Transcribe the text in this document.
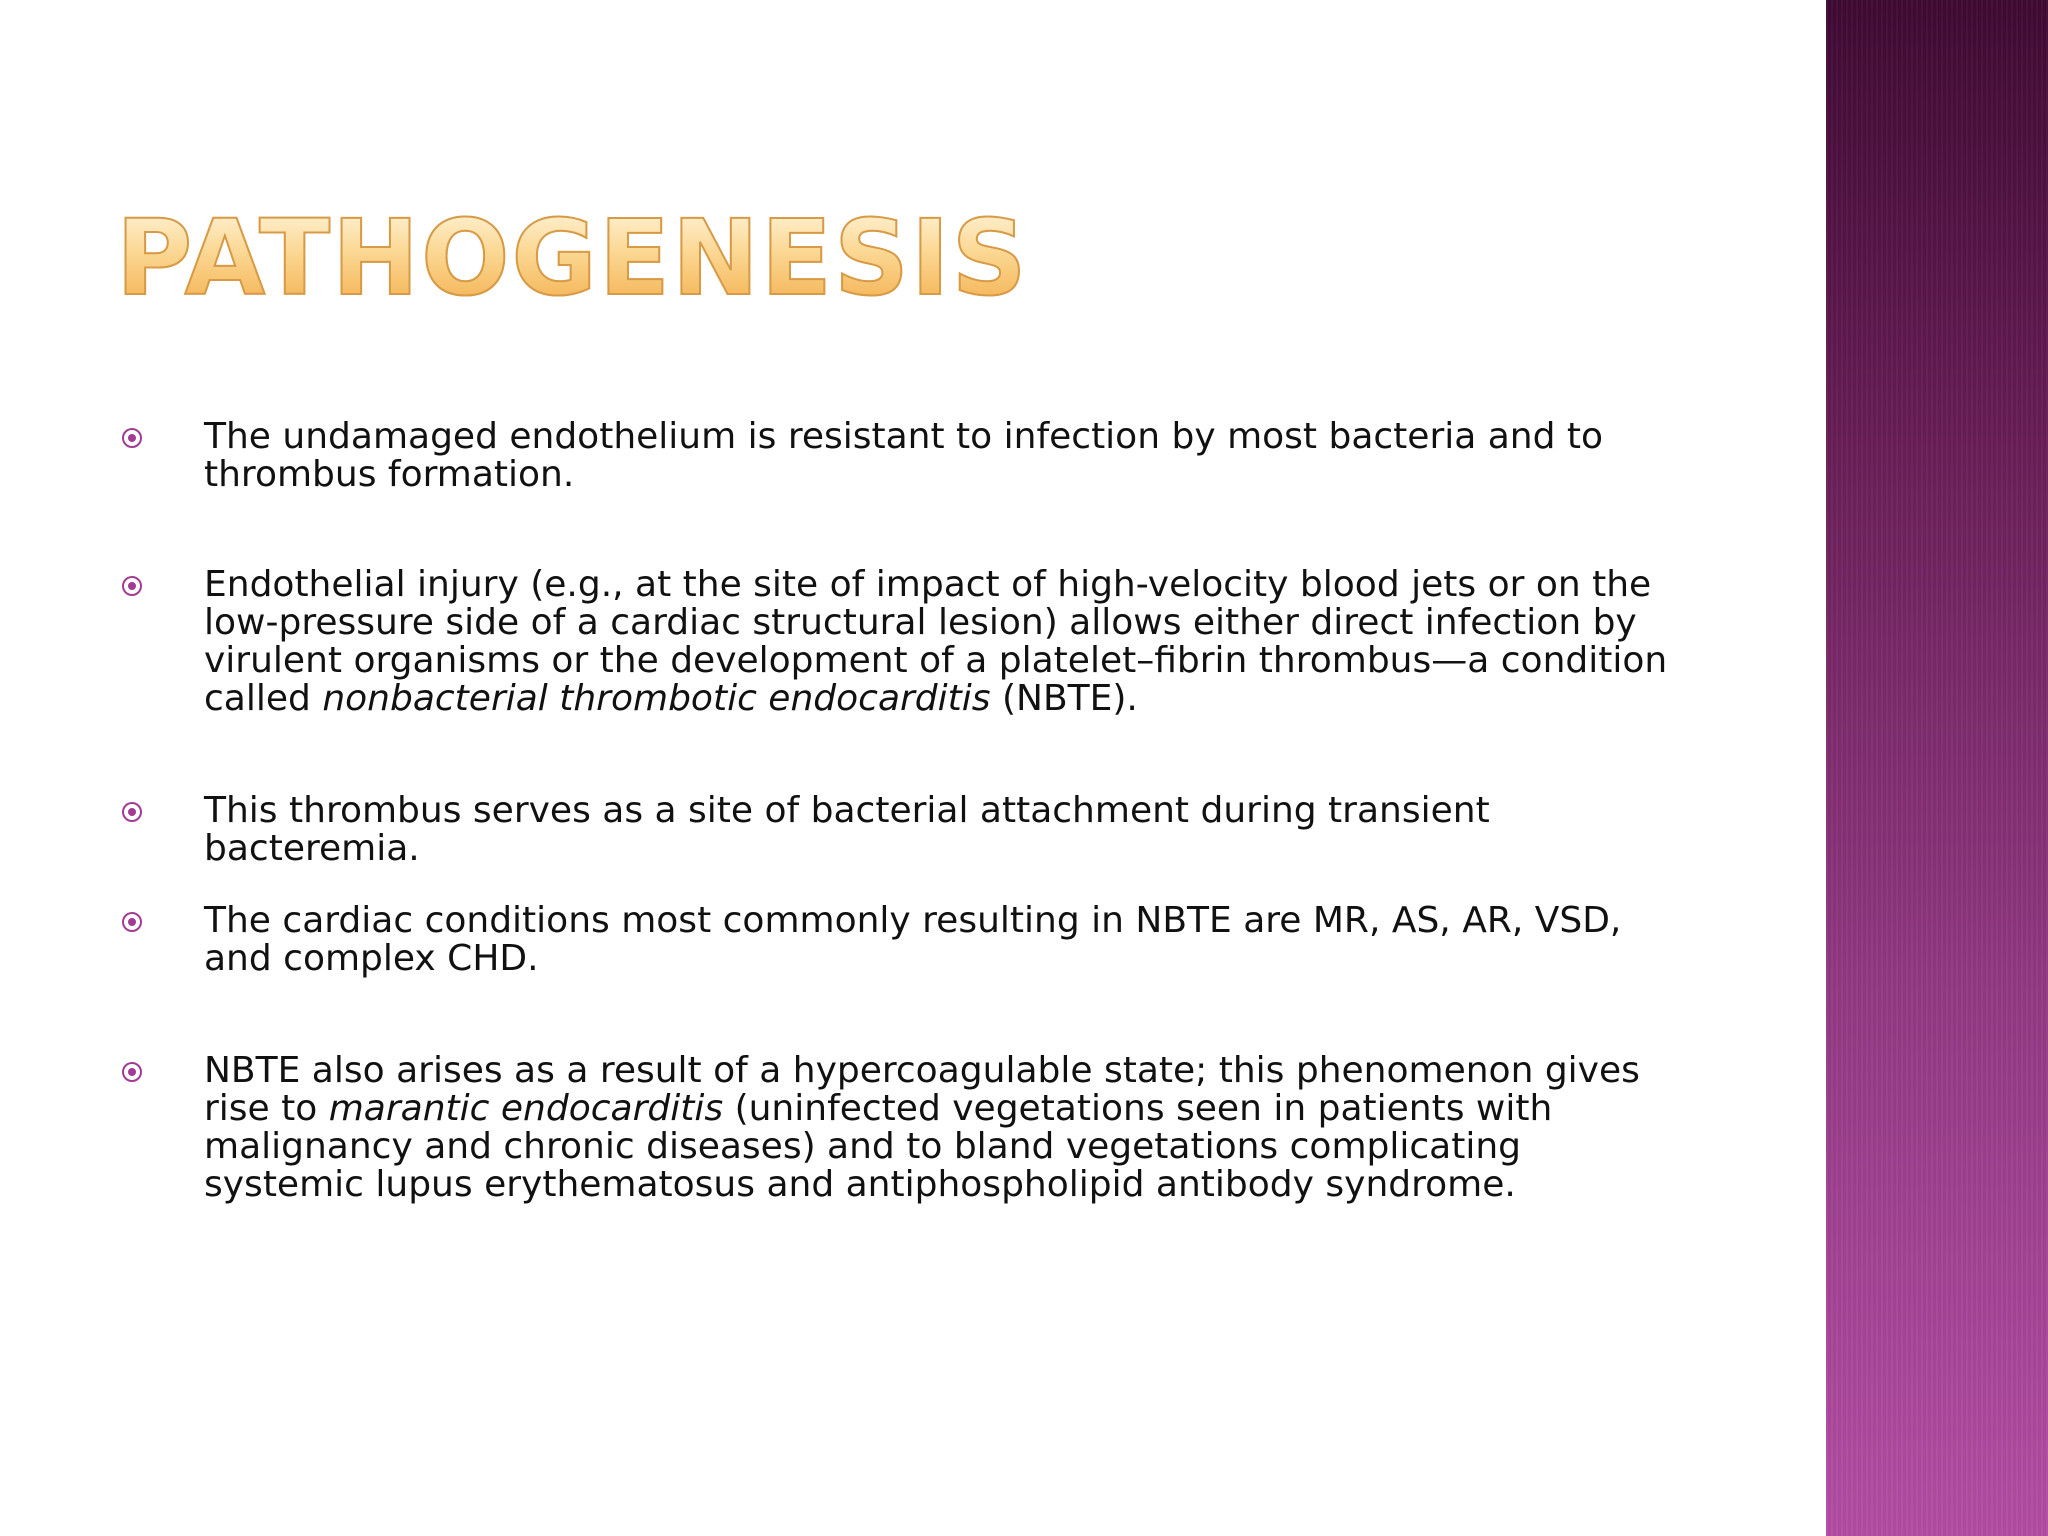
PATHOGENESIS
The undamaged endothelium is resistant to infection by most bacteria and to thrombus formation.
Endothelial injury (e.g., at the site of impact of high-velocity blood jets or on the low-pressure side of a cardiac structural lesion) allows either direct infection by virulent organisms or the development of a platelet–fibrin thrombus—a condition called nonbacterial thrombotic endocarditis (NBTE).
This thrombus serves as a site of bacterial attachment during transient bacteremia.
The cardiac conditions most commonly resulting in NBTE are MR, AS, AR, VSD, and complex CHD.
NBTE also arises as a result of a hypercoagulable state; this phenomenon gives rise to marantic endocarditis (uninfected vegetations seen in patients with malignancy and chronic diseases) and to bland vegetations complicating systemic lupus erythematosus and antiphospholipid antibody syndrome.
